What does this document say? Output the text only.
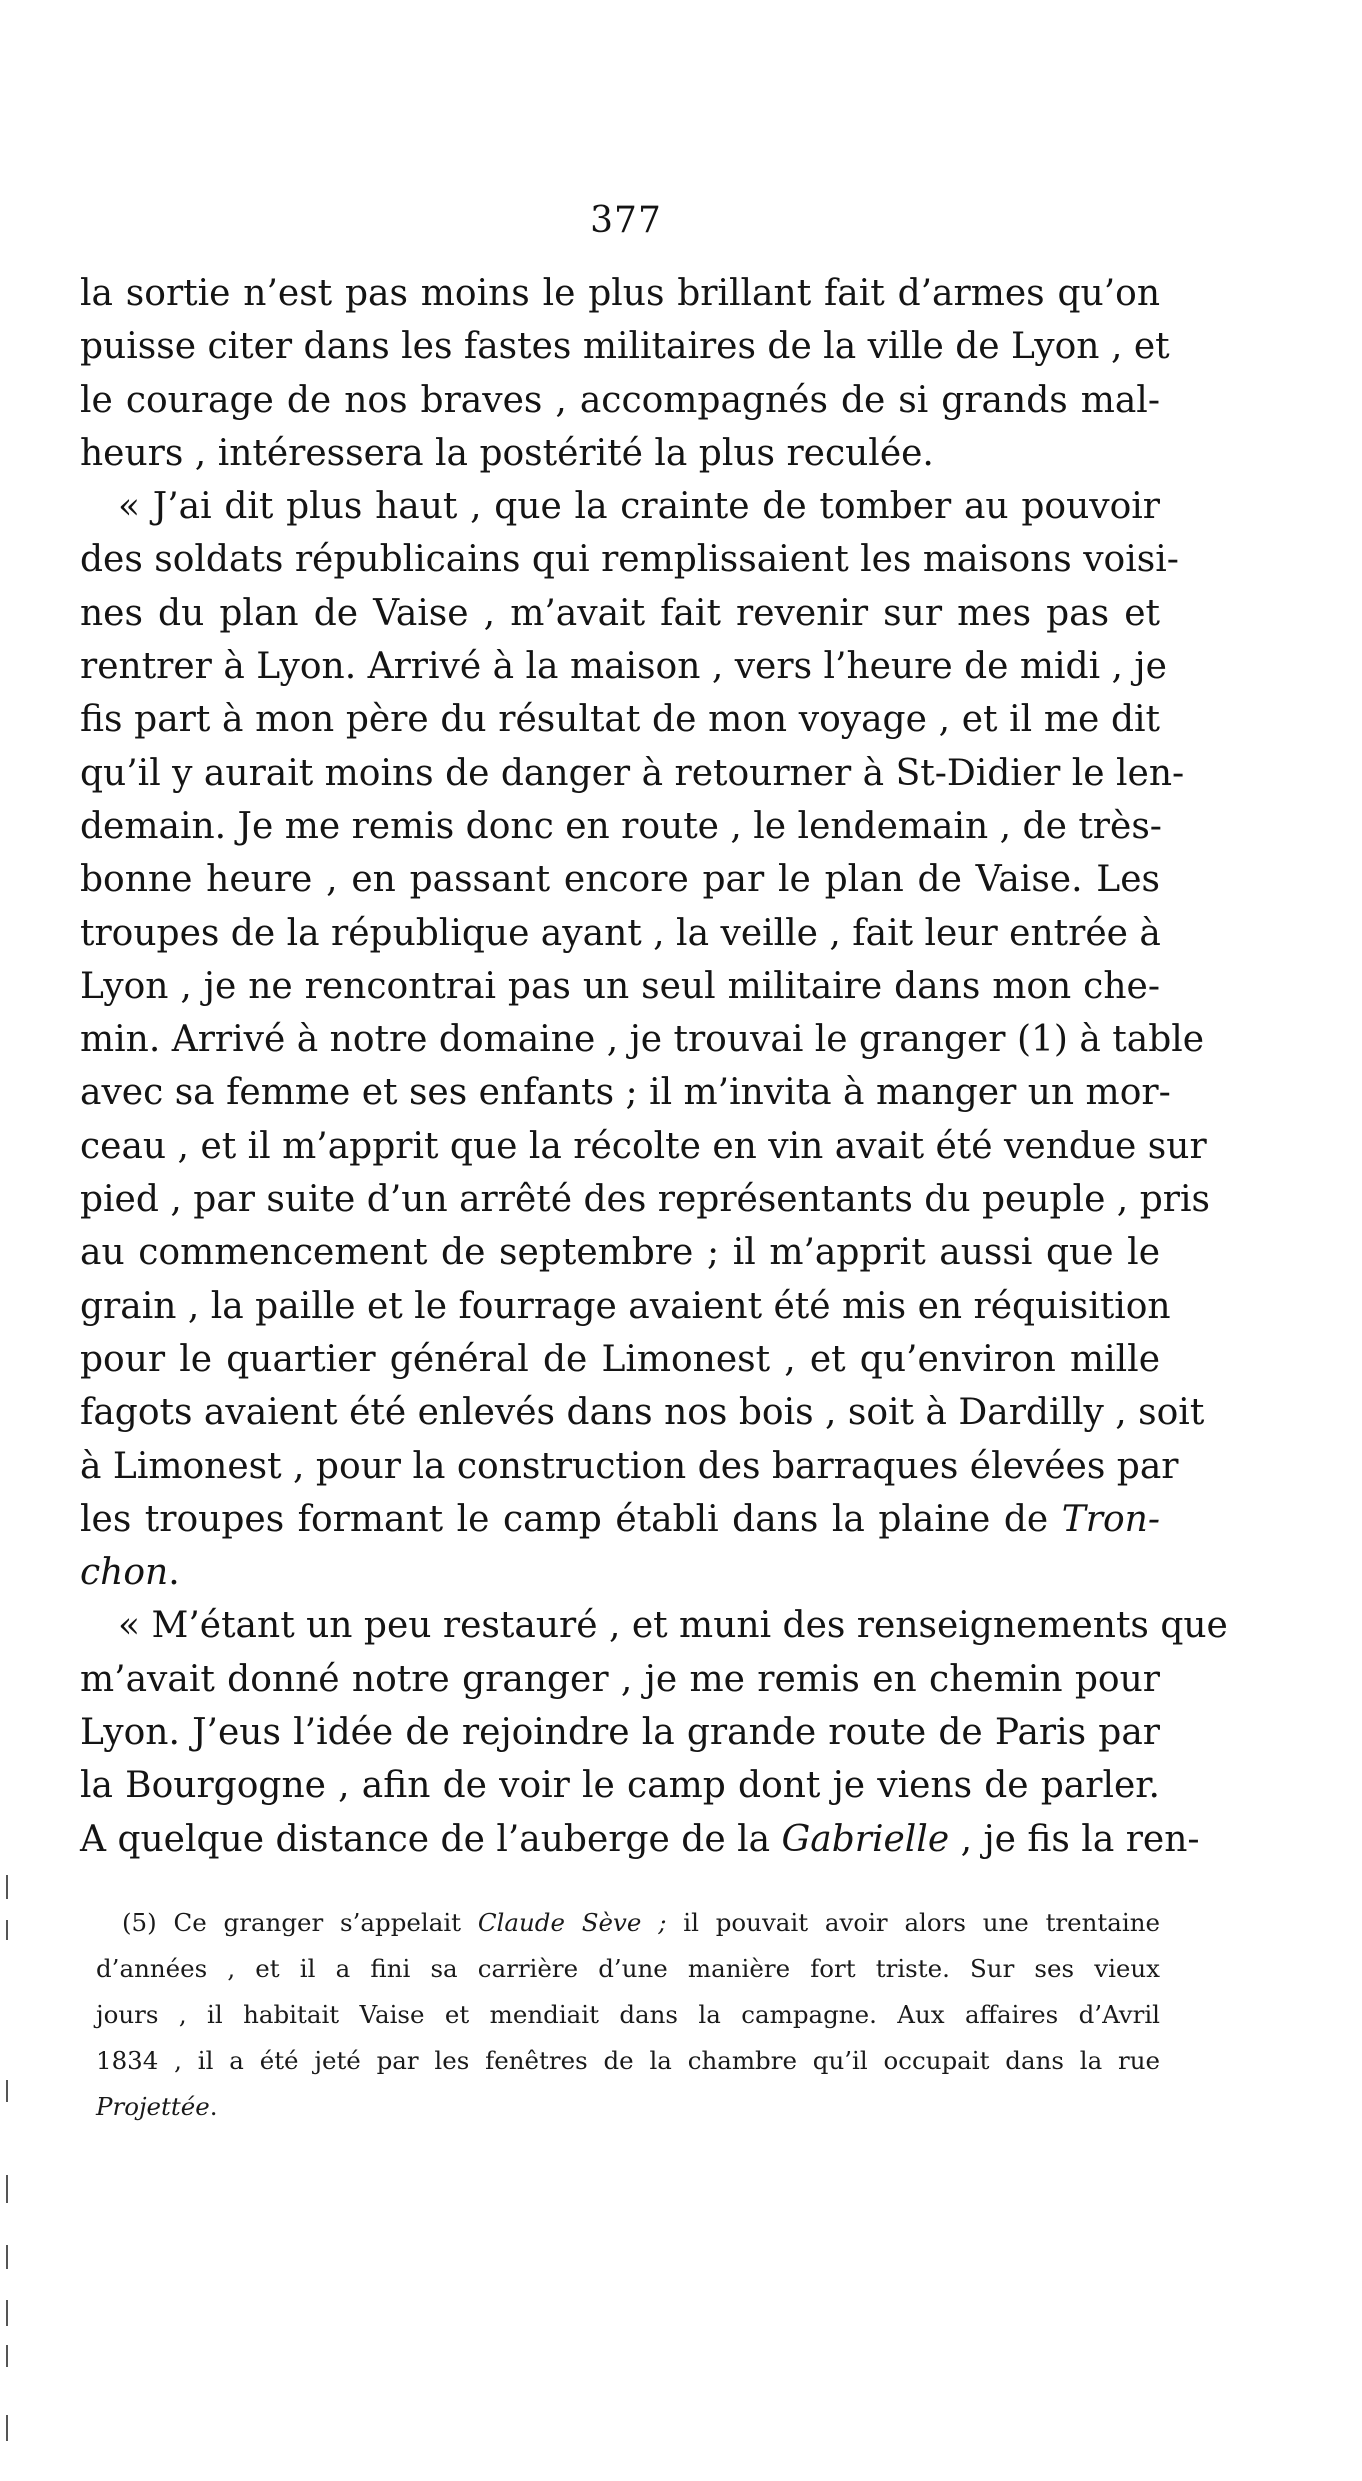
377
la sortie n’est pas moins le plus brillant fait d’armes qu’on
puisse citer dans les fastes militaires de la ville de Lyon , et
le courage de nos braves , accompagnés de si grands mal-
heurs , intéressera la postérité la plus reculée.
« J’ai dit plus haut , que la crainte de tomber au pouvoir
des soldats républicains qui remplissaient les maisons voisi-
nes du plan de Vaise , m’avait fait revenir sur mes pas et
rentrer à Lyon. Arrivé à la maison , vers l’heure de midi , je
fis part à mon père du résultat de mon voyage , et il me dit
qu’il y aurait moins de danger à retourner à St-Didier le len-
demain. Je me remis donc en route , le lendemain , de très-
bonne heure , en passant encore par le plan de Vaise. Les
troupes de la république ayant , la veille , fait leur entrée à
Lyon , je ne rencontrai pas un seul militaire dans mon che-
min. Arrivé à notre domaine , je trouvai le granger (1) à table
avec sa femme et ses enfants ; il m’invita à manger un mor-
ceau , et il m’apprit que la récolte en vin avait été vendue sur
pied , par suite d’un arrêté des représentants du peuple , pris
au commencement de septembre ; il m’apprit aussi que le
grain , la paille et le fourrage avaient été mis en réquisition
pour le quartier général de Limonest , et qu’environ mille
fagots avaient été enlevés dans nos bois , soit à Dardilly , soit
à Limonest , pour la construction des barraques élevées par
les troupes formant le camp établi dans la plaine de Tron-
chon.
« M’étant un peu restauré , et muni des renseignements que
m’avait donné notre granger , je me remis en chemin pour
Lyon. J’eus l’idée de rejoindre la grande route de Paris par
la Bourgogne , afin de voir le camp dont je viens de parler.
A quelque distance de l’auberge de la Gabrielle , je fis la ren-
(5) Ce granger s’appelait Claude Sève ; il pouvait avoir alors une trentaine
d’années , et il a fini sa carrière d’une manière fort triste. Sur ses vieux
jours , il habitait Vaise et mendiait dans la campagne. Aux affaires d’Avril
1834 , il a été jeté par les fenêtres de la chambre qu’il occupait dans la rue
Projettée.
